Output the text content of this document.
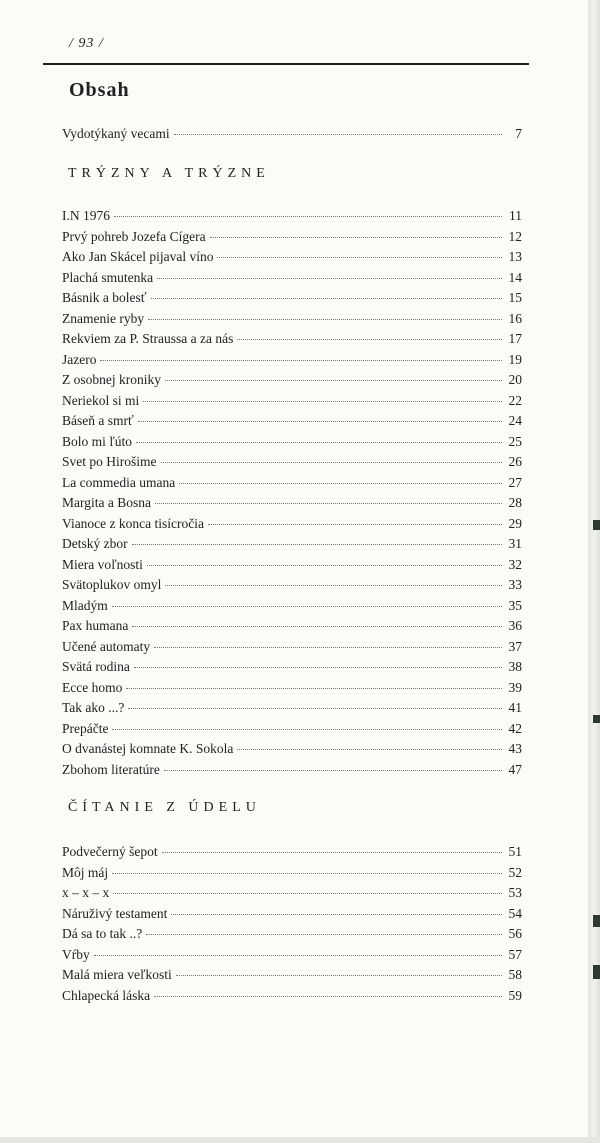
/ 93 /
Obsah
Vydotýkaný vecami	7
TRÝZNY A TRÝZNE
I.N 1976	11
Prvý pohreb Jozefa Cígera	12
Ako Jan Skácel pijaval víno	13
Plachá smutenka	14
Básnik a bolesť	15
Znamenie ryby	16
Rekviem za P. Straussa a za nás	17
Jazero	19
Z osobnej kroniky	20
Neriekol si mi	22
Báseň a smrť	24
Bolo mi ľúto	25
Svet po Hirošime	26
La commedia umana	27
Margita a Bosna	28
Vianoce z konca tisícročia	29
Detský zbor	31
Miera voľnosti	32
Svätoplukov omyl	33
Mladým	35
Pax humana	36
Učené automaty	37
Svätá rodina	38
Ecce homo	39
Tak ako ...?	41
Prepáčte	42
O dvanástej komnate K. Sokola	43
Zbohom literatúre	47
ČÍTANIE Z ÚDELU
Podvečerný šepot	51
Môj máj	52
x – x – x	53
Náruživý testament	54
Dá sa to tak ..?	56
Vŕby	57
Malá miera veľkosti	58
Chlapecká láska	59
